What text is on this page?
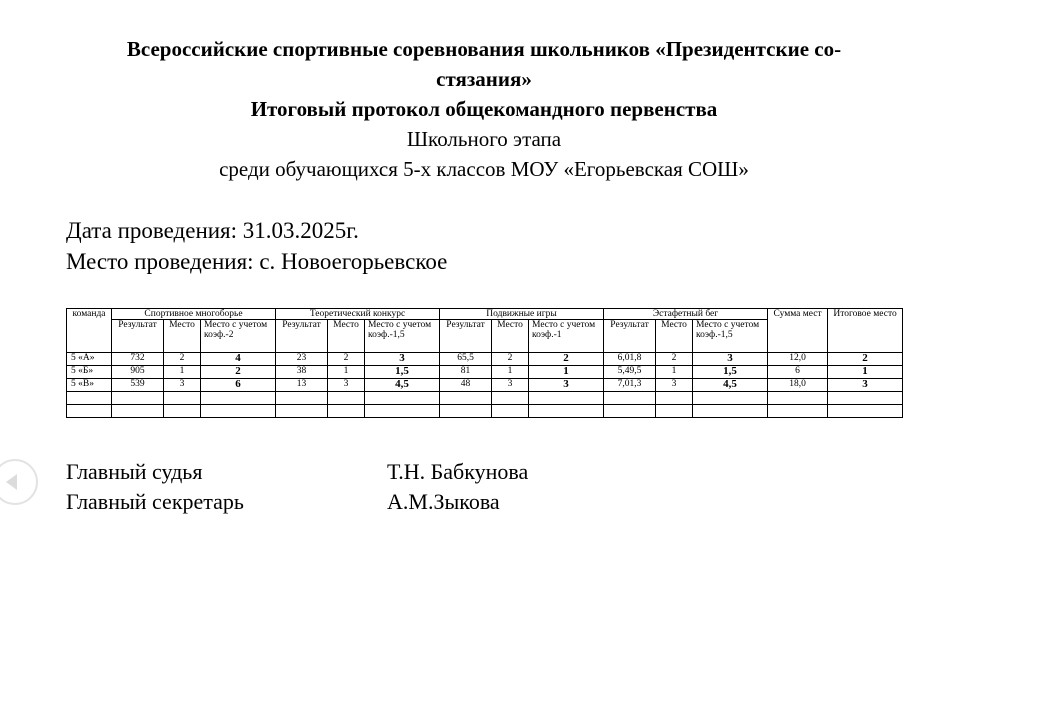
Всероссийские спортивные соревнования школьников «Президентские со-
стязания»
Итоговый протокол общекомандного первенства
Школьного этапа
среди обучающихся 5-х классов МОУ «Егорьевская СОШ»
Дата проведения: 31.03.2025г.
Место проведения: с. Новоегорьевское
команда	Спортивное многоборье			Теоретический конкурс			Подвижные игры			Эстафетный бег			Сумма мест	Итоговое место
	Результат	Место	Место с учетом коэф.-2	Результат	Место	Место с учетом коэф.-1,5	Результат	Место	Место с учетом коэф.-1	Результат	Место	Место с учетом коэф.-1,5		
5 «А»	732	2	4	23	2	3	65,5	2	2	6,01,8	2	3	12,0	2
5 «Б»	905	1	2	38	1	1,5	81	1	1	5,49,5	1	1,5	6	1
5 «В»	539	3	6	13	3	4,5	48	3	3	7,01,3	3	4,5	18,0	3

Главный судья	Т.Н. Бабкунова
Главный секретарь	А.М.Зыкова
